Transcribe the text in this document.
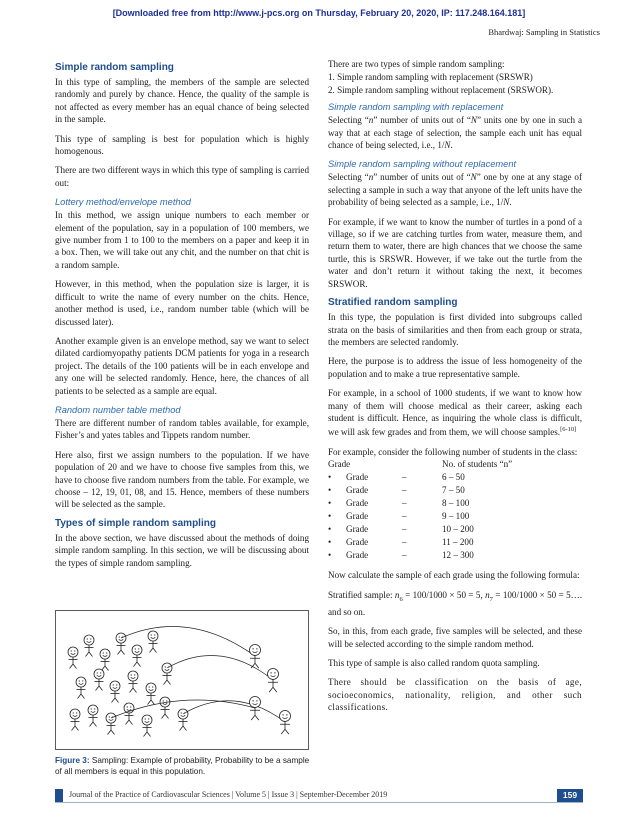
[Downloaded free from http://www.j-pcs.org on Thursday, February 20, 2020, IP: 117.248.164.181]
Bhardwaj: Sampling in Statistics
Simple random sampling

In this type of sampling, the members of the sample are selected randomly and purely by chance. Hence, the quality of the sample is not affected as every member has an equal chance of being selected in the sample.

This type of sampling is best for population which is highly homogenous.

There are two different ways in which this type of sampling is carried out:

Lottery method/envelope method

In this method, we assign unique numbers to each member or element of the population, say in a population of 100 members, we give number from 1 to 100 to the members on a paper and keep it in a box. Then, we will take out any chit, and the number on that chit is a random sample.

However, in this method, when the population size is larger, it is difficult to write the name of every number on the chits. Hence, another method is used, i.e., random number table (which will be discussed later).

Another example given is an envelope method, say we want to select dilated cardiomyopathy patients DCM patients for yoga in a research project. The details of the 100 patients will be in each envelope and any one will be selected randomly. Hence, here, the chances of all patients to be selected as a sample are equal.

Random number table method

There are different number of random tables available, for example, Fisher’s and yates tables and Tippets random number.

Here also, first we assign numbers to the population. If we have population of 20 and we have to choose five samples from this, we have to choose five random numbers from the table. For example, we choose – 12, 19, 01, 08, and 15. Hence, members of these numbers will be selected as the sample.

Types of simple random sampling

In the above section, we have discussed about the methods of doing simple random sampling. In this section, we will be discussing about the types of simple random sampling.

Figure 3: Sampling: Example of probability, Probability to be a sample of all members is equal in this population.

There are two types of simple random sampling:

1. Simple random sampling with replacement (SRSWR)
2. Simple random sampling without replacement (SRSWOR).
Simple random sampling with replacement

Selecting “n” number of units out of “N” units one by one in such a way that at each stage of selection, the sample each unit has equal chance of being selected, i.e., 1/N.

Simple random sampling without replacement

Selecting “n” number of units out of “N” one by one at any stage of selecting a sample in such a way that anyone of the left units have the probability of being selected as a sample, i.e., 1/N.

For example, if we want to know the number of turtles in a pond of a village, so if we are catching turtles from water, measure them, and return them to water, there are high chances that we choose the same turtle, this is SRSWR. However, if we take out the turtle from the water and don’t return it without taking the next, it becomes SRSWOR.

Stratified random sampling

In this type, the population is first divided into subgroups called strata on the basis of similarities and then from each group or strata, the members are selected randomly.

Here, the purpose is to address the issue of less homogeneity of the population and to make a true representative sample.

For example, in a school of 1000 students, if we want to know how many of them will choose medical as their career, asking each student is difficult. Hence, as inquiring the whole class is difficult, we will ask few grades and from them, we will choose samples.[6-10]

For example, consider the following number of students in the class:

Grade			No. of students “n”
•	Grade	–	6 – 50
•	Grade	–	7 – 50
•	Grade	–	8 – 100
•	Grade	–	9 – 100
•	Grade	–	10 – 200
•	Grade	–	11 – 200
•	Grade	–	12 – 300

Now calculate the sample of each grade using the following formula:

Stratified sample: $n_6 = 100/1000 \times 50 = 5$, $n_7 = 100/1000 \times 50$ = 5…. and so on.

So, in this, from each grade, five samples will be selected, and these will be selected according to the simple random method.

This type of sample is also called random quota sampling.

There should be classification on the basis of age, socioeconomics, nationality, religion, and other such classifications.

Journal of the Practice of Cardiovascular Sciences | Volume 5 | Issue 3 | September-December 2019	159
